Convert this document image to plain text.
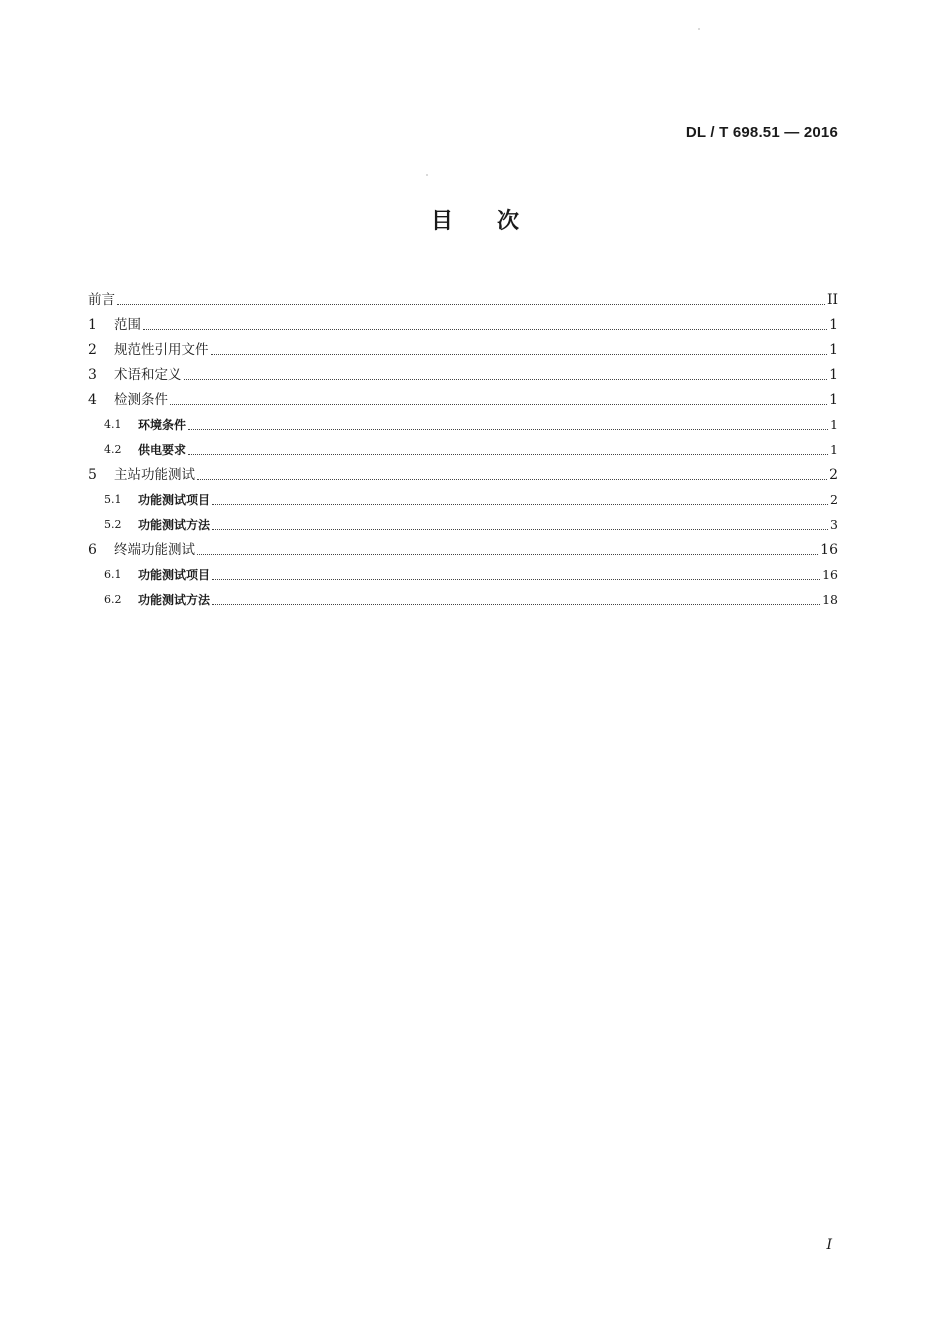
DL / T 698.51 — 2016
目 次
前言	II
1	范围	1
2	规范性引用文件	1
3	术语和定义	1
4	检测条件	1
4.1	环境条件	1
4.2	供电要求	1
5	主站功能测试	2
5.1	功能测试项目	2
5.2	功能测试方法	3
6	终端功能测试	16
6.1	功能测试项目	16
6.2	功能测试方法	18
I
